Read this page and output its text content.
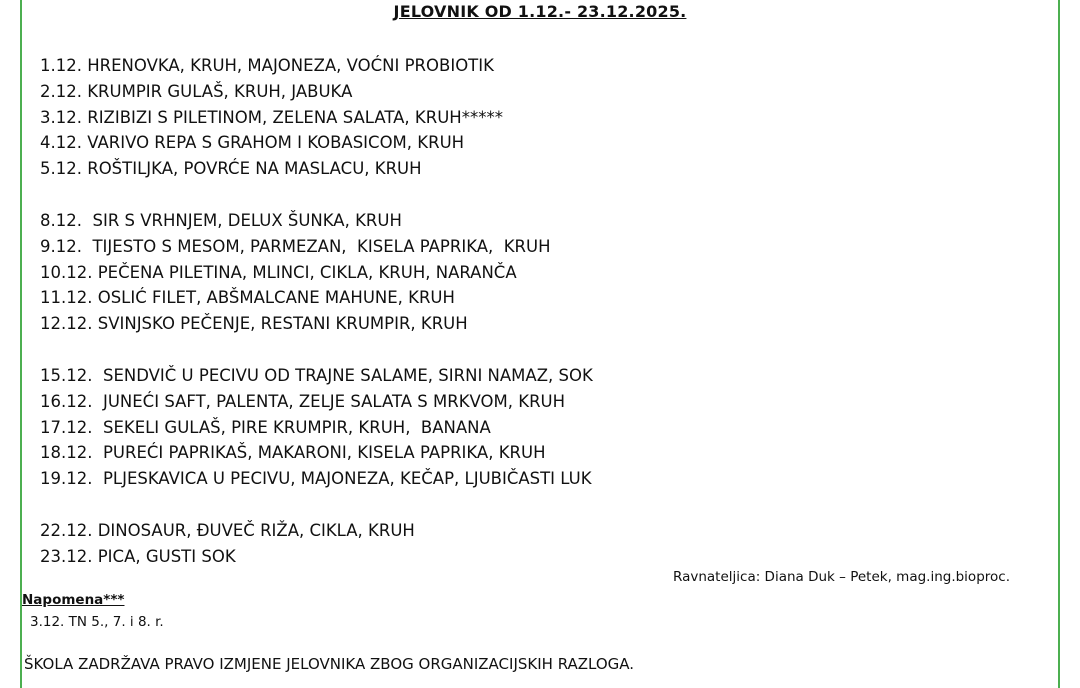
JELOVNIK OD 1.12.- 23.12.2025.
1.12. HRENOVKA, KRUH, MAJONEZA, VOĆNI PROBIOTIK
2.12. KRUMPIR GULAŠ, KRUH, JABUKA
3.12. RIZIBIZI S PILETINOM, ZELENA SALATA, KRUH*****
4.12. VARIVO REPA S GRAHOM I KOBASICOM, KRUH
5.12. ROŠTILJKA, POVRĆE NA MASLACU, KRUH
8.12.  SIR S VRHNJEM, DELUX ŠUNKA, KRUH
9.12.  TIJESTO S MESOM, PARMEZAN,  KISELA PAPRIKA,  KRUH
10.12. PEČENA PILETINA, MLINCI, CIKLA, KRUH, NARANČA
11.12. OSLIĆ FILET, ABŠMALCANE MAHUNE, KRUH
12.12. SVINJSKO PEČENJE, RESTANI KRUMPIR, KRUH
15.12.  SENDVIČ U PECIVU OD TRAJNE SALAME, SIRNI NAMAZ, SOK
16.12.  JUNEĆI SAFT, PALENTA, ZELJE SALATA S MRKVOM, KRUH
17.12.  SEKELI GULAŠ, PIRE KRUMPIR, KRUH,  BANANA
18.12.  PUREĆI PAPRIKAŠ, MAKARONI, KISELA PAPRIKA, KRUH
19.12.  PLJESKAVICA U PECIVU, MAJONEZA, KEČAP, LJUBIČASTI LUK
22.12. DINOSAUR, ĐUVEČ RIŽA, CIKLA, KRUH
23.12. PICA, GUSTI SOK
Ravnateljica: Diana Duk – Petek, mag.ing.bioproc.
Napomena***
3.12. TN 5., 7. i 8. r.
ŠKOLA ZADRŽAVA PRAVO IZMJENE JELOVNIKA ZBOG ORGANIZACIJSKIH RAZLOGA.
